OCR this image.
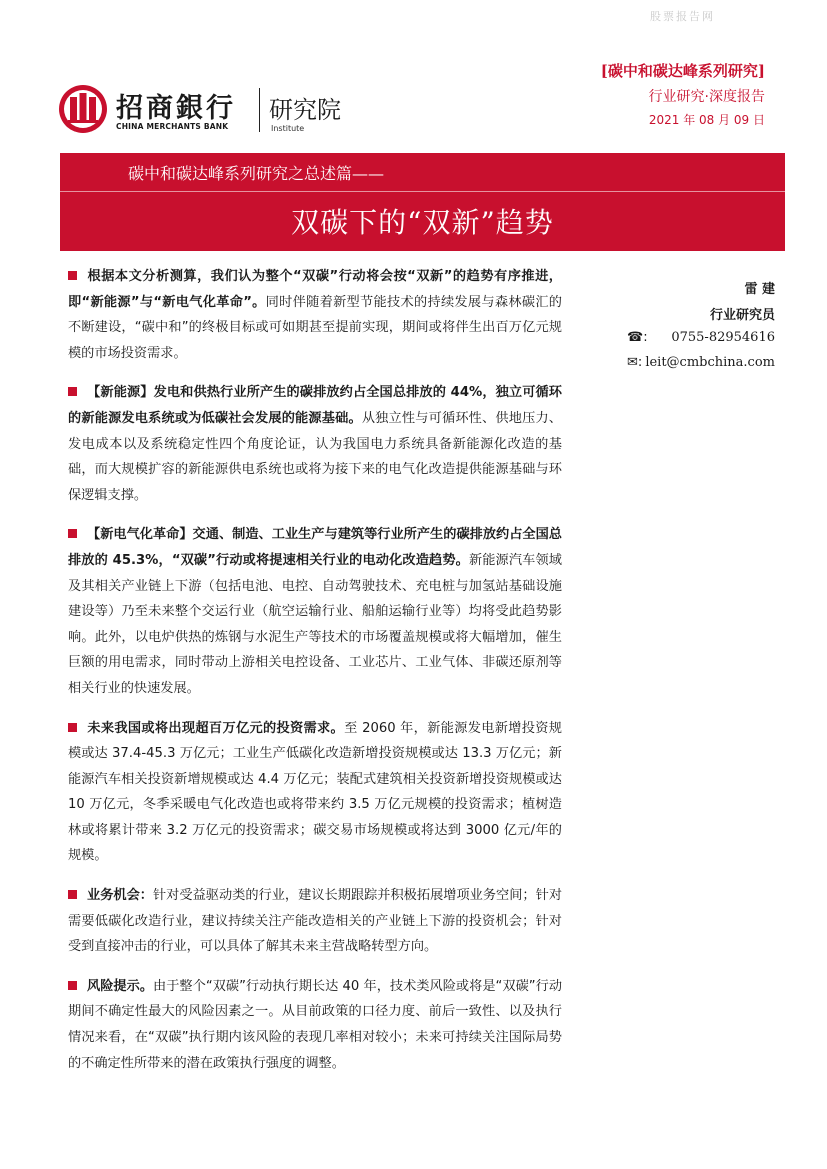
股票报告网
招商銀行
CHINA MERCHANTS BANK
研究院
Institute
[碳中和碳达峰系列研究]
行业研究·深度报告
2021 年 08 月 09 日
碳中和碳达峰系列研究之总述篇——
双碳下的“双新”趋势

根据本文分析测算，我们认为整个“双碳”行动将会按“双新”的趋势有序推进，即“新能源”与“新电气化革命”。同时伴随着新型节能技术的持续发展与森林碳汇的不断建设，“碳中和”的终极目标或可如期甚至提前实现，期间或将伴生出百万亿元规模的市场投资需求。

【新能源】发电和供热行业所产生的碳排放约占全国总排放的 44%，独立可循环的新能源发电系统或为低碳社会发展的能源基础。从独立性与可循环性、供地压力、发电成本以及系统稳定性四个角度论证，认为我国电力系统具备新能源化改造的基础，而大规模扩容的新能源供电系统也或将为接下来的电气化改造提供能源基础与环保逻辑支撑。

【新电气化革命】交通、制造、工业生产与建筑等行业所产生的碳排放约占全国总排放的 45.3%，“双碳”行动或将提速相关行业的电动化改造趋势。新能源汽车领域及其相关产业链上下游（包括电池、电控、自动驾驶技术、充电桩与加氢站基础设施建设等）乃至未来整个交运行业（航空运输行业、船舶运输行业等）均将受此趋势影响。此外，以电炉供热的炼钢与水泥生产等技术的市场覆盖规模或将大幅增加，催生巨额的用电需求，同时带动上游相关电控设备、工业芯片、工业气体、非碳还原剂等相关行业的快速发展。

未来我国或将出现超百万亿元的投资需求。至 2060 年，新能源发电新增投资规模或达 37.4-45.3 万亿元；工业生产低碳化改造新增投资规模或达 13.3 万亿元；新能源汽车相关投资新增规模或达 4.4 万亿元；装配式建筑相关投资新增投资规模或达 10 万亿元，冬季采暖电气化改造也或将带来约 3.5 万亿元规模的投资需求；植树造林或将累计带来 3.2 万亿元的投资需求；碳交易市场规模或将达到 3000 亿元/年的规模。

业务机会：针对受益驱动类的行业，建议长期跟踪并积极拓展增项业务空间；针对需要低碳化改造行业，建议持续关注产能改造相关的产业链上下游的投资机会；针对受到直接冲击的行业，可以具体了解其未来主营战略转型方向。

风险提示。由于整个“双碳”行动执行期长达 40 年，技术类风险或将是“双碳”行动期间不确定性最大的风险因素之一。从目前政策的口径力度、前后一致性、以及执行情况来看，在“双碳”执行期内该风险的表现几率相对较小；未来可持续关注国际局势的不确定性所带来的潜在政策执行强度的调整。

雷 建
行业研究员
☎: 0755-82954616
✉: leit@cmbchina.com
